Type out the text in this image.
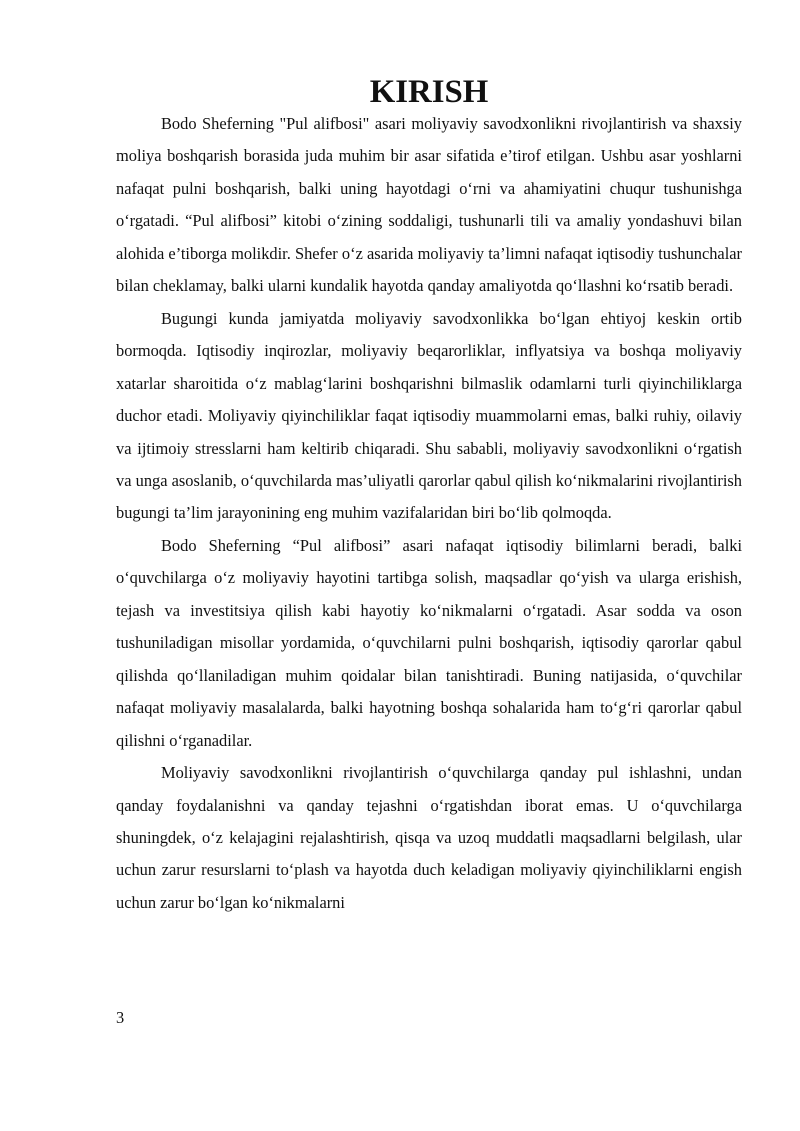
KIRISH

Bodo Sheferning "Pul alifbosi" asari moliyaviy savodxonlikni rivojlantirish va shaxsiy moliya boshqarish borasida juda muhim bir asar sifatida e’tirof etilgan. Ushbu asar yoshlarni nafaqat pulni boshqarish, balki uning hayotdagi o‘rni va ahamiyatini chuqur tushunishga o‘rgatadi. “Pul alifbosi” kitobi o‘zining soddaligi, tushunarli tili va amaliy yondashuvi bilan alohida e’tiborga molikdir. Shefer o‘z asarida moliyaviy ta’limni nafaqat iqtisodiy tushunchalar bilan cheklamay, balki ularni kundalik hayotda qanday amaliyotda qo‘llashni ko‘rsatib beradi.

Bugungi kunda jamiyatda moliyaviy savodxonlikka bo‘lgan ehtiyoj keskin ortib bormoqda. Iqtisodiy inqirozlar, moliyaviy beqarorliklar, inflyatsiya va boshqa moliyaviy xatarlar sharoitida o‘z mablag‘larini boshqarishni bilmaslik odamlarni turli qiyinchiliklarga duchor etadi. Moliyaviy qiyinchiliklar faqat iqtisodiy muammolarni emas, balki ruhiy, oilaviy va ijtimoiy stresslarni ham keltirib chiqaradi. Shu sababli, moliyaviy savodxonlikni o‘rgatish va unga asoslanib, o‘quvchilarda mas’uliyatli qarorlar qabul qilish ko‘nikmalarini rivojlantirish bugungi ta’lim jarayonining eng muhim vazifalaridan biri bo‘lib qolmoqda.

Bodo Sheferning “Pul alifbosi” asari nafaqat iqtisodiy bilimlarni beradi, balki o‘quvchilarga o‘z moliyaviy hayotini tartibga solish, maqsadlar qo‘yish va ularga erishish, tejash va investitsiya qilish kabi hayotiy ko‘nikmalarni o‘rgatadi. Asar sodda va oson tushuniladigan misollar yordamida, o‘quvchilarni pulni boshqarish, iqtisodiy qarorlar qabul qilishda qo‘llaniladigan muhim qoidalar bilan tanishtiradi. Buning natijasida, o‘quvchilar nafaqat moliyaviy masalalarda, balki hayotning boshqa sohalarida ham to‘g‘ri qarorlar qabul qilishni o‘rganadilar.

Moliyaviy savodxonlikni rivojlantirish o‘quvchilarga qanday pul ishlashni, undan qanday foydalanishni va qanday tejashni o‘rgatishdan iborat emas. U o‘quvchilarga shuningdek, o‘z kelajagini rejalashtirish, qisqa va uzoq muddatli maqsadlarni belgilash, ular uchun zarur resurslarni to‘plash va hayotda duch keladigan moliyaviy qiyinchiliklarni engish uchun zarur bo‘lgan ko‘nikmalarni

3
